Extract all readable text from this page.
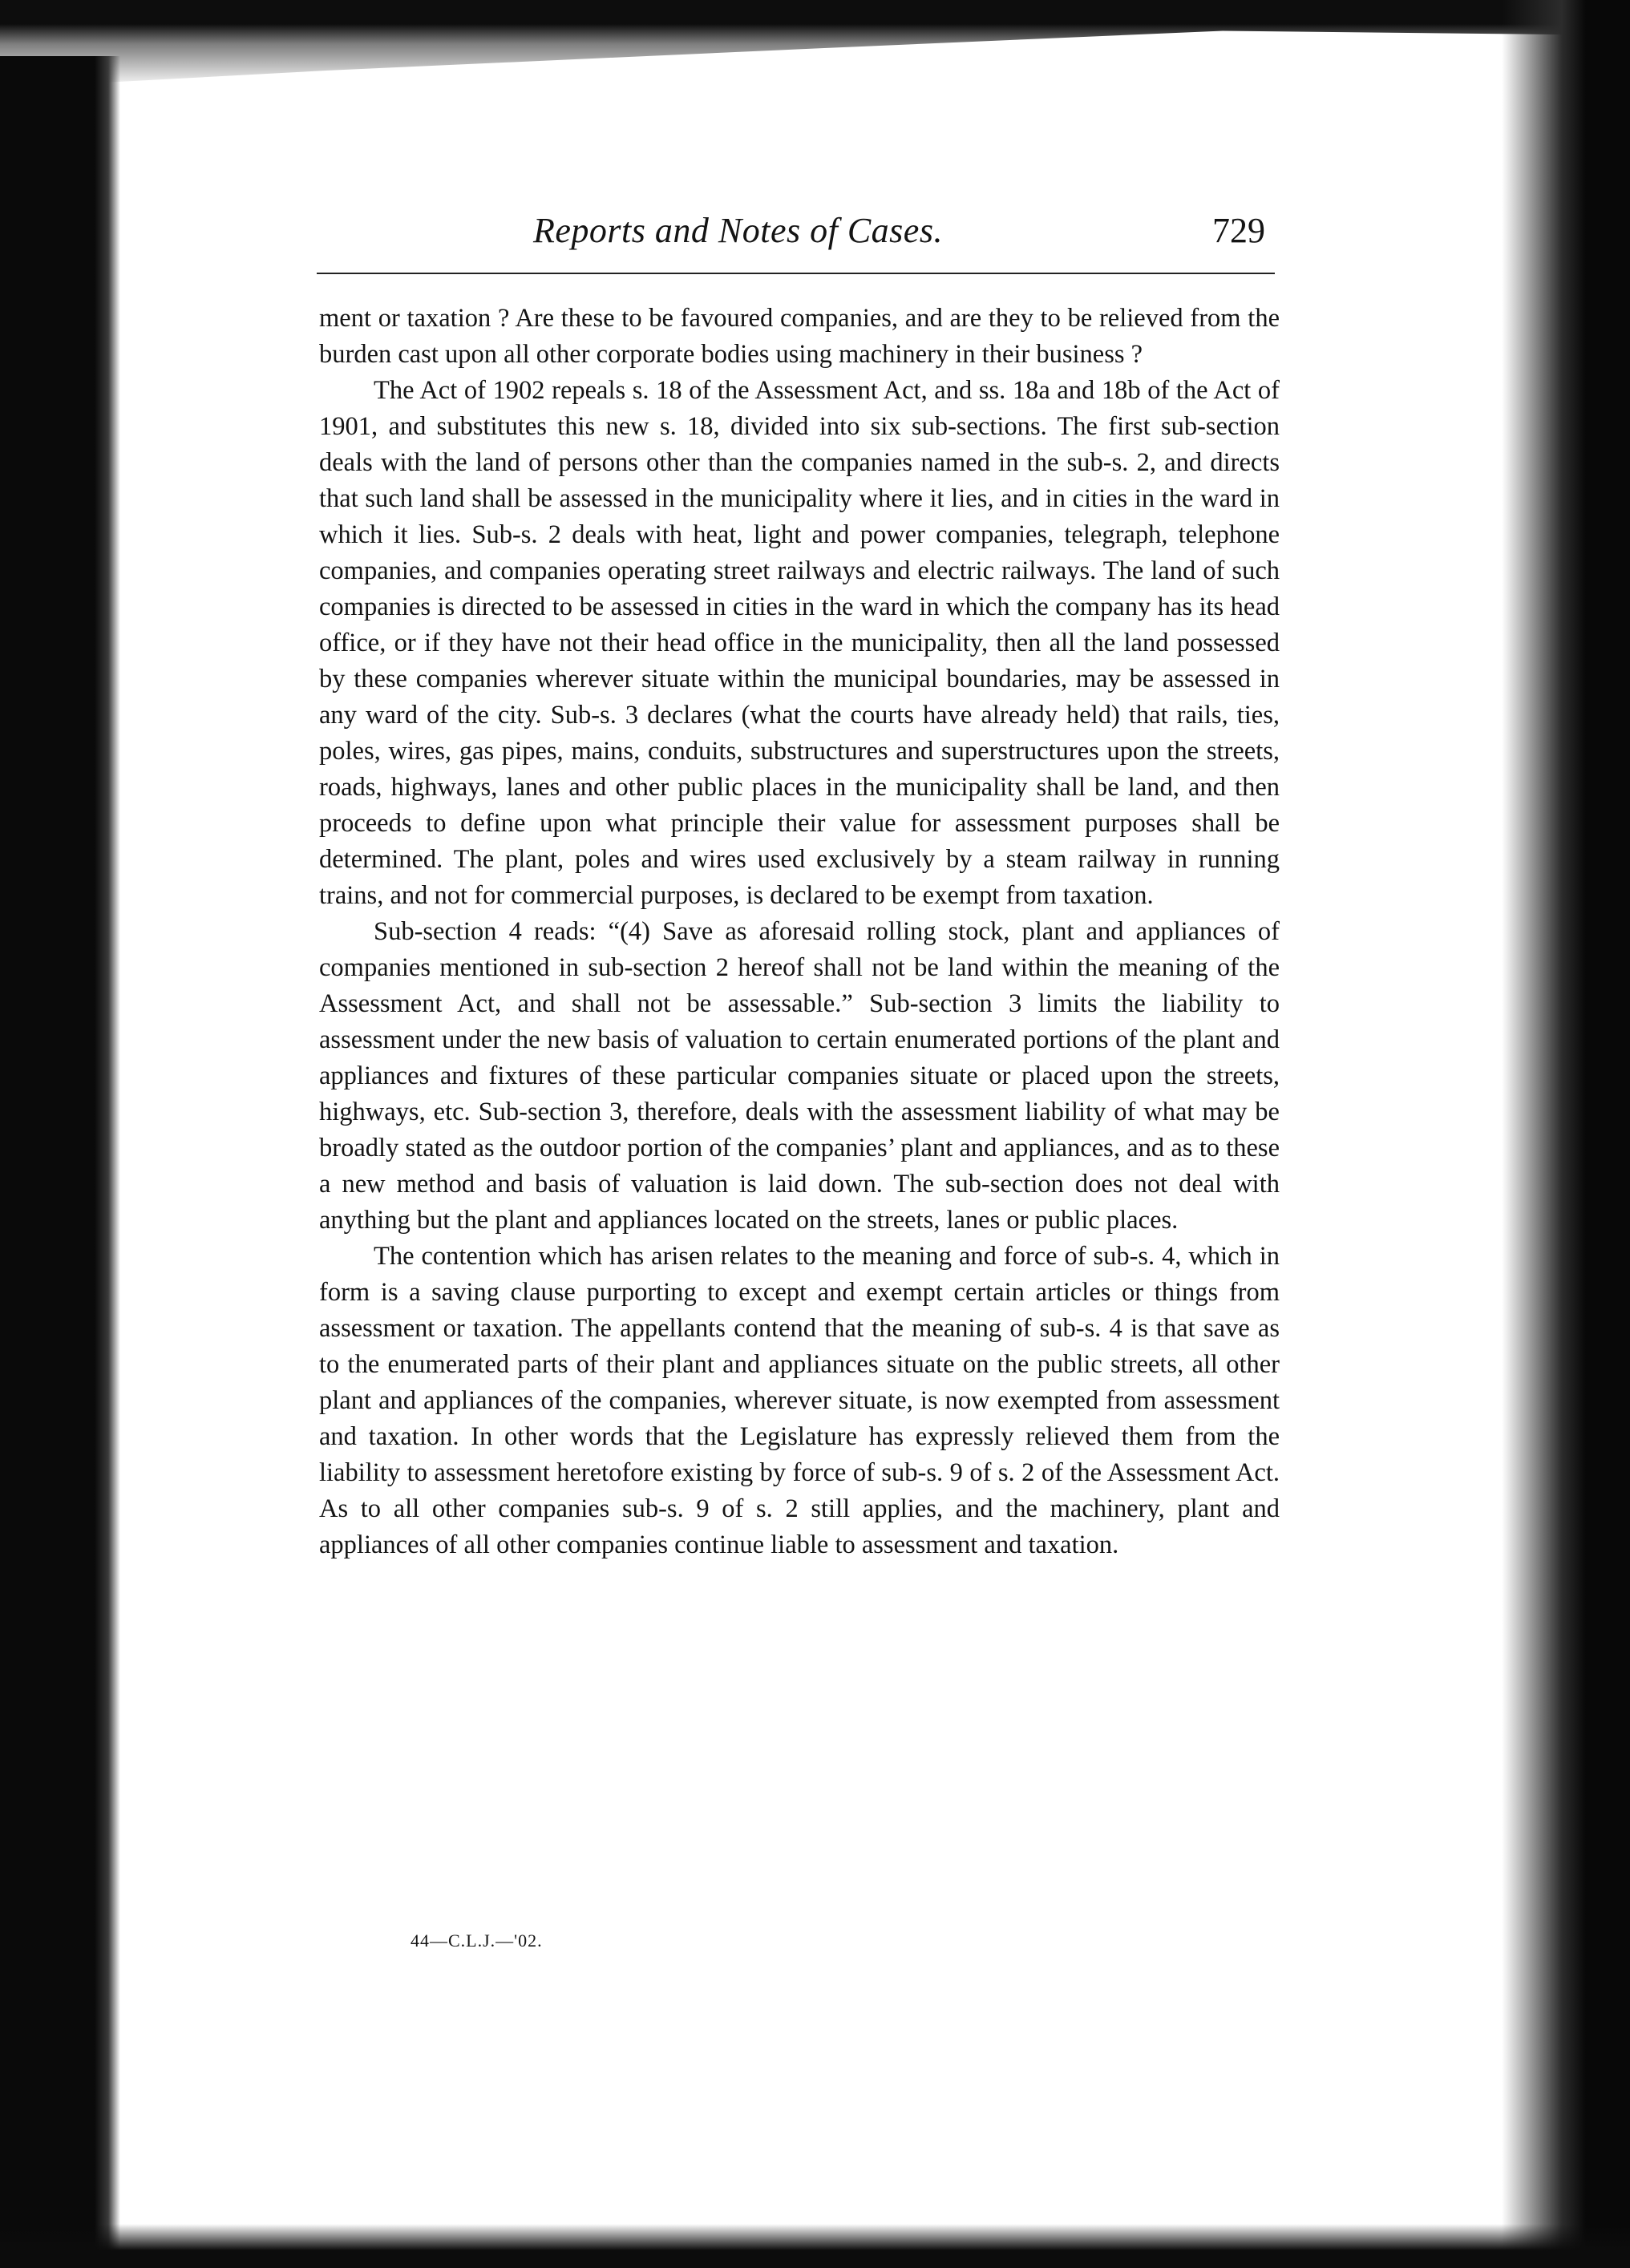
Reports and Notes of Cases.	729

ment or taxation ? Are these to be favoured companies, and are they to be relieved from the burden cast upon all other corporate bodies using machinery in their business ?

The Act of 1902 repeals s. 18 of the Assessment Act, and ss. 18a and 18b of the Act of 1901, and substitutes this new s. 18, divided into six sub-sections. The first sub-section deals with the land of persons other than the companies named in the sub-s. 2, and directs that such land shall be assessed in the municipality where it lies, and in cities in the ward in which it lies. Sub-s. 2 deals with heat, light and power companies, telegraph, telephone companies, and companies operating street railways and electric railways. The land of such companies is directed to be assessed in cities in the ward in which the company has its head office, or if they have not their head office in the municipality, then all the land possessed by these companies wherever situate within the municipal boundaries, may be assessed in any ward of the city. Sub-s. 3 declares (what the courts have already held) that rails, ties, poles, wires, gas pipes, mains, conduits, substructures and superstructures upon the streets, roads, highways, lanes and other public places in the municipality shall be land, and then proceeds to define upon what principle their value for assessment purposes shall be determined. The plant, poles and wires used exclusively by a steam railway in running trains, and not for commercial purposes, is declared to be exempt from taxation.

Sub-section 4 reads: “(4) Save as aforesaid rolling stock, plant and appliances of companies mentioned in sub-section 2 hereof shall not be land within the meaning of the Assessment Act, and shall not be assessable.” Sub-section 3 limits the liability to assessment under the new basis of valuation to certain enumerated portions of the plant and appliances and fixtures of these particular companies situate or placed upon the streets, highways, etc. Sub-section 3, therefore, deals with the assessment liability of what may be broadly stated as the outdoor portion of the companies’ plant and appliances, and as to these a new method and basis of valuation is laid down. The sub-section does not deal with anything but the plant and appliances located on the streets, lanes or public places.

The contention which has arisen relates to the meaning and force of sub-s. 4, which in form is a saving clause purporting to except and exempt certain articles or things from assessment or taxation. The appellants contend that the meaning of sub-s. 4 is that save as to the enumerated parts of their plant and appliances situate on the public streets, all other plant and appliances of the companies, wherever situate, is now exempted from assessment and taxation. In other words that the Legislature has expressly relieved them from the liability to assessment heretofore existing by force of sub-s. 9 of s. 2 of the Assessment Act. As to all other companies sub-s. 9 of s. 2 still applies, and the machinery, plant and appliances of all other companies continue liable to assessment and taxation.

44—C.L.J.—'02.
